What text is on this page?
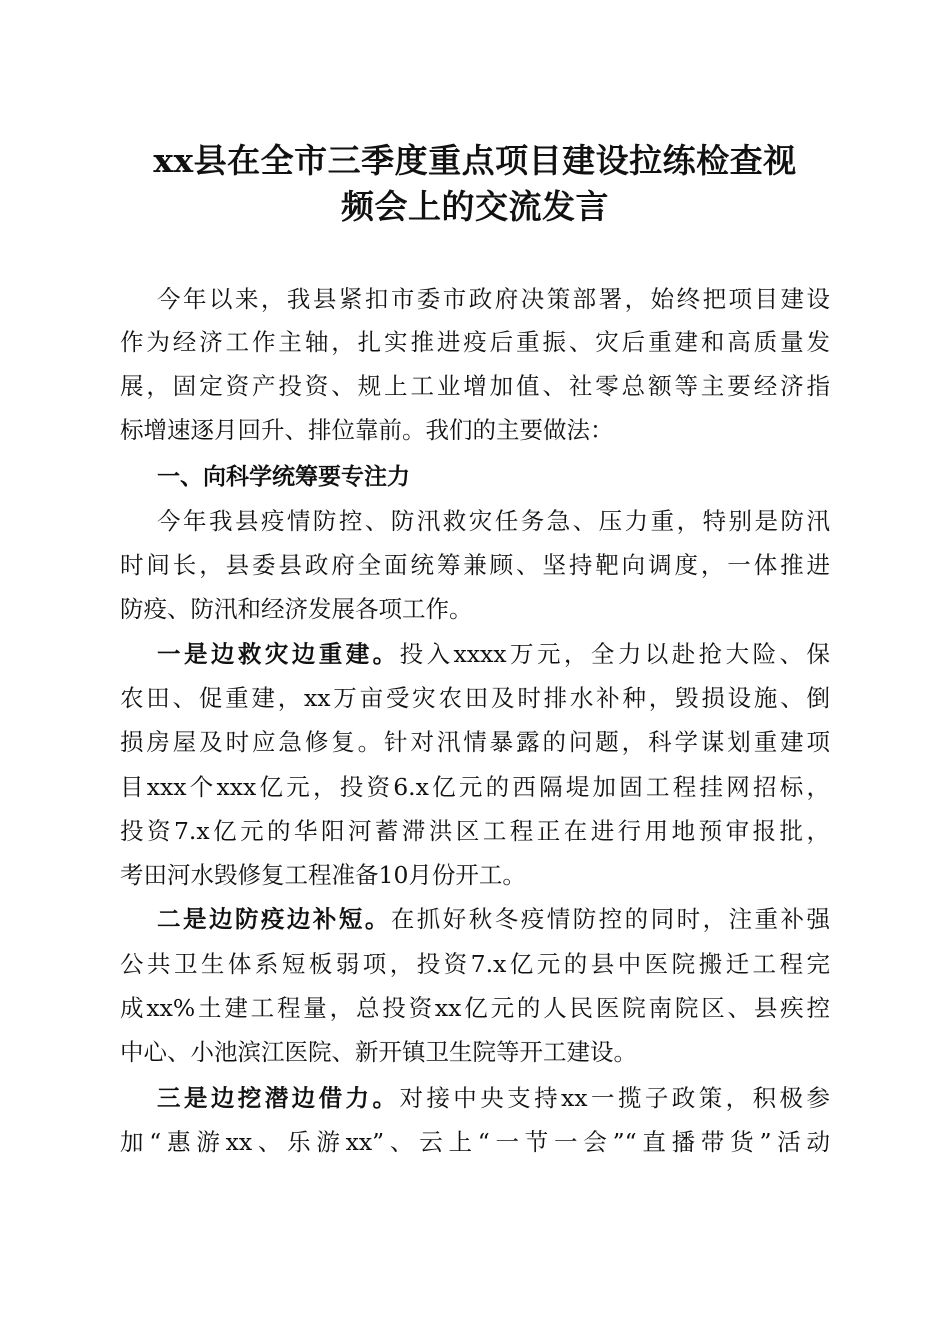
xx县在全市三季度重点项目建设拉练检查视
频会上的交流发言
今年以来，我县紧扣市委市政府决策部署，始终把项目建设
作为经济工作主轴，扎实推进疫后重振、灾后重建和高质量发
展，固定资产投资、规上工业增加值、社零总额等主要经济指
标增速逐月回升、排位靠前。我们的主要做法：
一、向科学统筹要专注力
今年我县疫情防控、防汛救灾任务急、压力重，特别是防汛
时间长，县委县政府全面统筹兼顾、坚持靶向调度，一体推进
防疫、防汛和经济发展各项工作。
一是边救灾边重建。投入xxxx万元，全力以赴抢大险、保
农田、促重建，xx万亩受灾农田及时排水补种，毁损设施、倒
损房屋及时应急修复。针对汛情暴露的问题，科学谋划重建项
目xxx个xxx亿元，投资6.x亿元的西隔堤加固工程挂网招标，
投资7.x亿元的华阳河蓄滞洪区工程正在进行用地预审报批，
考田河水毁修复工程准备10月份开工。
二是边防疫边补短。在抓好秋冬疫情防控的同时，注重补强
公共卫生体系短板弱项，投资7.x亿元的县中医院搬迁工程完
成xx%土建工程量，总投资xx亿元的人民医院南院区、县疾控
中心、小池滨江医院、新开镇卫生院等开工建设。
三是边挖潜边借力。对接中央支持xx一揽子政策，积极参
加“惠游xx、乐游xx”、云上“一节一会”“直播带货”活动
